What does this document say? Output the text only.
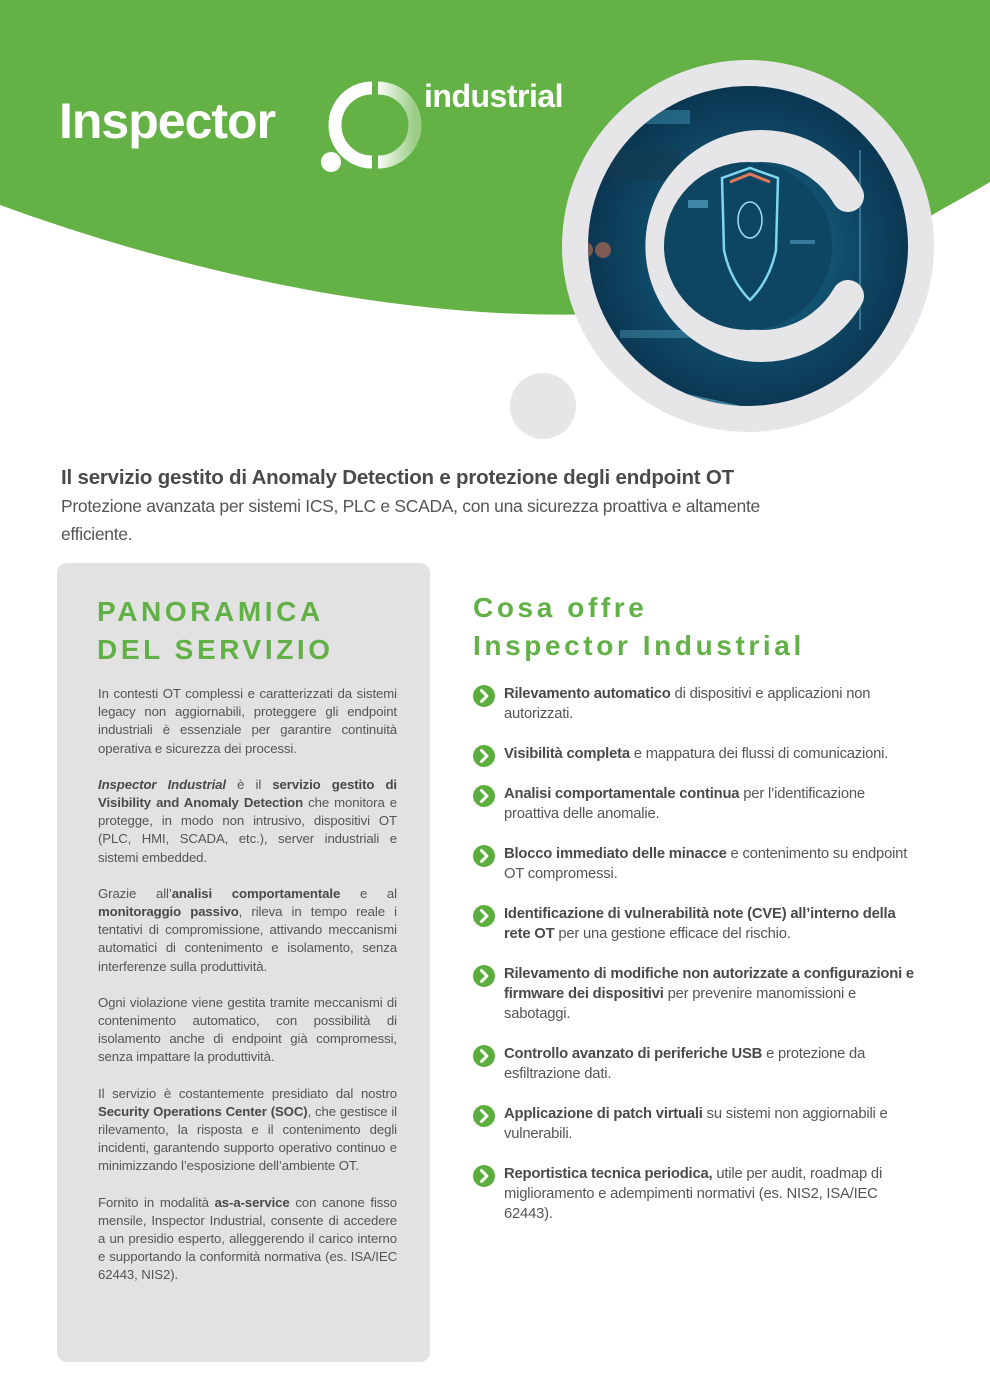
Inspector	industrial
Il servizio gestito di Anomaly Detection e protezione degli endpoint OT
Protezione avanzata per sistemi ICS, PLC e SCADA, con una sicurezza proattiva e altamente efficiente.
PANORAMICA
DEL SERVIZIO

In contesti OT complessi e caratterizzati da sistemi legacy non aggiornabili, proteggere gli endpoint industriali è essenziale per garantire continuità operativa e sicurezza dei processi.

Inspector Industrial è il servizio gestito di Visibility and Anomaly Detection che monitora e protegge, in modo non intrusivo, dispositivi OT (PLC, HMI, SCADA, etc.), server industriali e sistemi embedded.

Grazie all’analisi comportamentale e al monitoraggio passivo, rileva in tempo reale i tentativi di compromissione, attivando meccanismi automatici di contenimento e isolamento, senza interferenze sulla produttività.

Ogni violazione viene gestita tramite meccanismi di contenimento automatico, con possibilità di isolamento anche di endpoint già compromessi, senza impattare la produttività.

Il servizio è costantemente presidiato dal nostro Security Operations Center (SOC), che gestisce il rilevamento, la risposta e il contenimento degli incidenti, garantendo supporto operativo continuo e minimizzando l’esposizione dell’ambiente OT.

Fornito in modalità as-a-service con canone fisso mensile, Inspector Industrial, consente di accedere a un presidio esperto, alleggerendo il carico interno e supportando la conformità normativa (es. ISA/IEC 62443, NIS2).

Cosa offre
Inspector Industrial
Rilevamento automatico di dispositivi e applicazioni non autorizzati.
Visibilità completa e mappatura dei flussi di comunicazioni.
Analisi comportamentale continua per l’identificazione proattiva delle anomalie.
Blocco immediato delle minacce e contenimento su endpoint OT compromessi.
Identificazione di vulnerabilità note (CVE) all’interno della rete OT per una gestione efficace del rischio.
Rilevamento di modifiche non autorizzate a configurazioni e firmware dei dispositivi per prevenire manomissioni e sabotaggi.
Controllo avanzato di periferiche USB e protezione da esfiltrazione dati.
Applicazione di patch virtuali su sistemi non aggiornabili e vulnerabili.
Reportistica tecnica periodica, utile per audit, roadmap di miglioramento e adempimenti normativi (es. NIS2, ISA/IEC 62443).
